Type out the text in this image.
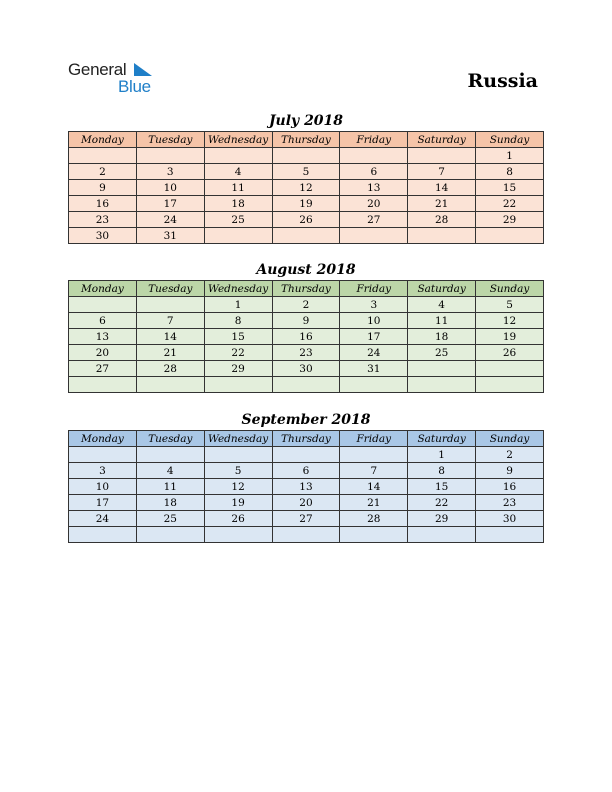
General
Blue	Russia
July 2018
Monday	Tuesday	Wednesday	Thursday	Friday	Saturday	Sunday
						1
2	3	4	5	6	7	8
9	10	11	12	13	14	15
16	17	18	19	20	21	22
23	24	25	26	27	28	29
30	31					
August 2018
Monday	Tuesday	Wednesday	Thursday	Friday	Saturday	Sunday
		1	2	3	4	5
6	7	8	9	10	11	12
13	14	15	16	17	18	19
20	21	22	23	24	25	26
27	28	29	30	31		

September 2018
Monday	Tuesday	Wednesday	Thursday	Friday	Saturday	Sunday
					1	2
3	4	5	6	7	8	9
10	11	12	13	14	15	16
17	18	19	20	21	22	23
24	25	26	27	28	29	30
